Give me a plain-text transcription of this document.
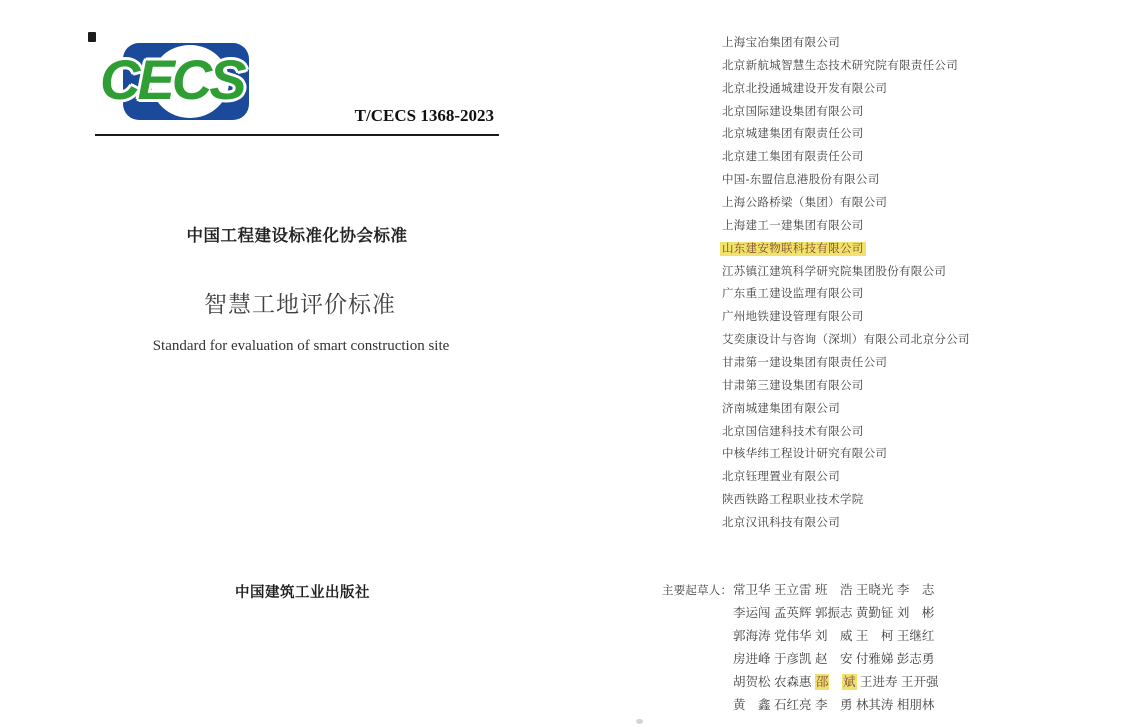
CECS
T/CECS 1368-2023
中国工程建设标准化协会标准
智慧工地评价标准
Standard for evaluation of smart construction site
中国建筑工业出版社
上海宝冶集团有限公司
北京新航城智慧生态技术研究院有限责任公司
北京北投通城建设开发有限公司
北京国际建设集团有限公司
北京城建集团有限责任公司
北京建工集团有限责任公司
中国-东盟信息港股份有限公司
上海公路桥梁（集团）有限公司
上海建工一建集团有限公司
山东建安物联科技有限公司
江苏镇江建筑科学研究院集团股份有限公司
广东重工建设监理有限公司
广州地铁建设管理有限公司
艾奕康设计与咨询（深圳）有限公司北京分公司
甘肃第一建设集团有限责任公司
甘肃第三建设集团有限公司
济南城建集团有限公司
北京国信建科技术有限公司
中核华纬工程设计研究有限公司
北京钰理置业有限公司
陕西铁路工程职业技术学院
北京汉讯科技有限公司
主要起草人：常卫华 王立雷 班　浩 王晓光 李　志
李运闯 孟英辉 郭振志 黄勤钲 刘　彬
郭海涛 党伟华 刘　威 王　柯 王继红
房进峰 于彦凯 赵　安 付雅娣 彭志勇
胡贺松 农森惠 邵　 斌 王进寿 王开强
黄　鑫 石红亮 李　勇 林其涛 相朋林
